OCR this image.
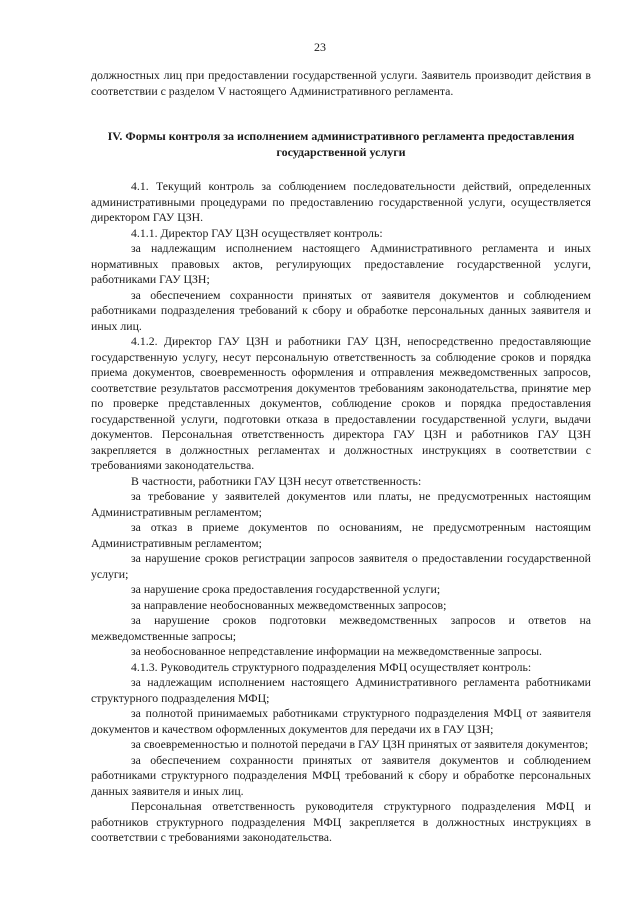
23

должностных лиц при предоставлении государственной услуги. Заявитель производит действия в соответствии с разделом V настоящего Административного регламента.

IV. Формы контроля за исполнением административного регламента предоставления государственной услуги

4.1. Текущий контроль за соблюдением последовательности действий, определенных административными процедурами по предоставлению государственной услуги, осуществляется директором ГАУ ЦЗН.

4.1.1. Директор ГАУ ЦЗН осуществляет контроль:

за надлежащим исполнением настоящего Административного регламента и иных нормативных правовых актов, регулирующих предоставление государственной услуги, работниками ГАУ ЦЗН;

за обеспечением сохранности принятых от заявителя документов и соблюдением работниками подразделения требований к сбору и обработке персональных данных заявителя и иных лиц.

4.1.2. Директор ГАУ ЦЗН и работники ГАУ ЦЗН, непосредственно предоставляющие государственную услугу, несут персональную ответственность за соблюдение сроков и порядка приема документов, своевременность оформления и отправления межведомственных запросов, соответствие результатов рассмотрения документов требованиям законодательства, принятие мер по проверке представленных документов, соблюдение сроков и порядка предоставления государственной услуги, подготовки отказа в предоставлении государственной услуги, выдачи документов. Персональная ответственность директора ГАУ ЦЗН и работников ГАУ ЦЗН закрепляется в должностных регламентах и должностных инструкциях в соответствии с требованиями законодательства.

В частности, работники ГАУ ЦЗН несут ответственность:

за требование у заявителей документов или платы, не предусмотренных настоящим Административным регламентом;

за отказ в приеме документов по основаниям, не предусмотренным настоящим Административным регламентом;

за нарушение сроков регистрации запросов заявителя о предоставлении государственной услуги;

за нарушение срока предоставления государственной услуги;

за направление необоснованных межведомственных запросов;

за нарушение сроков подготовки межведомственных запросов и ответов на межведомственные запросы;

за необоснованное непредставление информации на межведомственные запросы.

4.1.3. Руководитель структурного подразделения МФЦ осуществляет контроль:

за надлежащим исполнением настоящего Административного регламента работниками структурного подразделения МФЦ;

за полнотой принимаемых работниками структурного подразделения МФЦ от заявителя документов и качеством оформленных документов для передачи их в ГАУ ЦЗН;

за своевременностью и полнотой передачи в ГАУ ЦЗН принятых от заявителя документов;

за обеспечением сохранности принятых от заявителя документов и соблюдением работниками структурного подразделения МФЦ требований к сбору и обработке персональных данных заявителя и иных лиц.

Персональная ответственность руководителя структурного подразделения МФЦ и работников структурного подразделения МФЦ закрепляется в должностных инструкциях в соответствии с требованиями законодательства.
